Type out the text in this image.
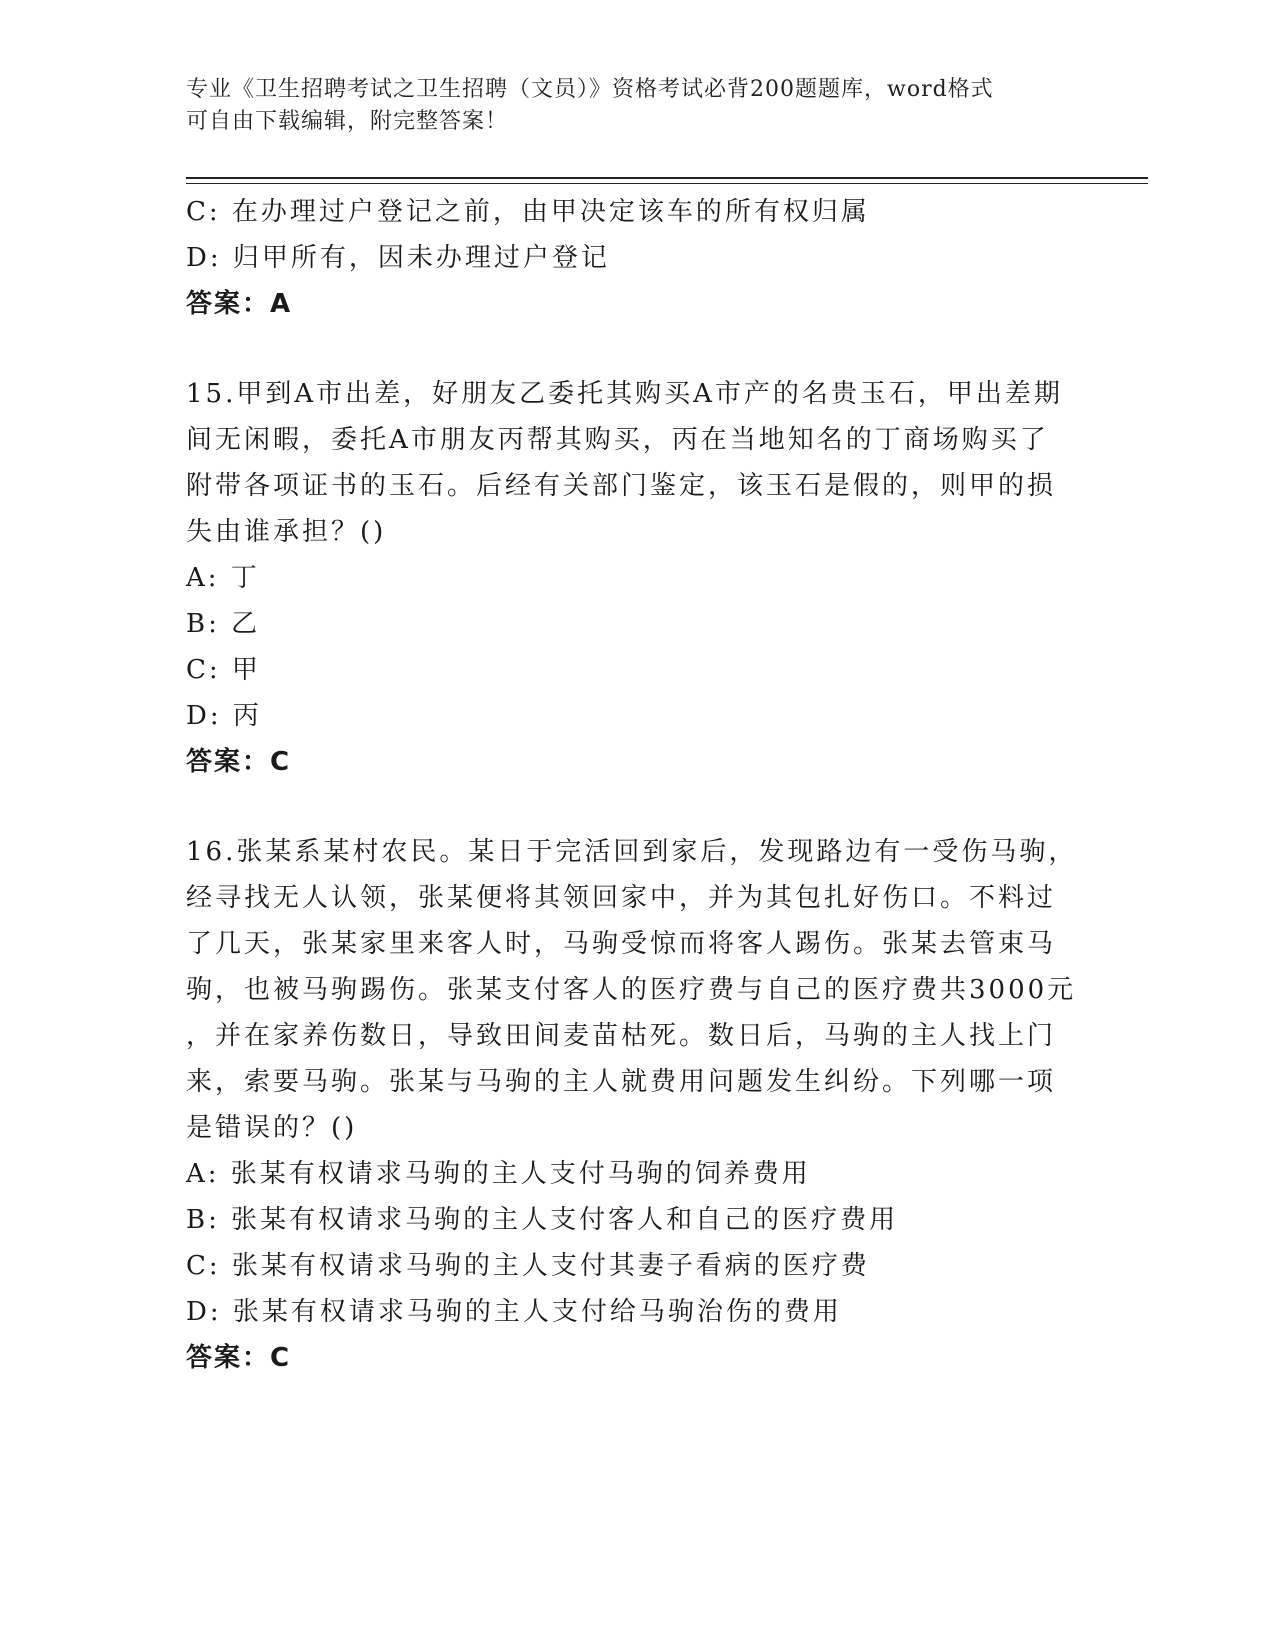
专业《卫生招聘考试之卫生招聘（文员）》资格考试必背200题题库，word格式
可自由下载编辑，附完整答案！
C: 在办理过户登记之前，由甲决定该车的所有权归属
D: 归甲所有，因未办理过户登记
答案：A
15.甲到A市出差，好朋友乙委托其购买A市产的名贵玉石，甲出差期
间无闲暇，委托A市朋友丙帮其购买，丙在当地知名的丁商场购买了
附带各项证书的玉石。后经有关部门鉴定，该玉石是假的，则甲的损
失由谁承担？()
A: 丁
B: 乙
C: 甲
D: 丙
答案：C
16.张某系某村农民。某日于完活回到家后，发现路边有一受伤马驹，
经寻找无人认领，张某便将其领回家中，并为其包扎好伤口。不料过
了几天，张某家里来客人时，马驹受惊而将客人踢伤。张某去管束马
驹，也被马驹踢伤。张某支付客人的医疗费与自己的医疗费共3000元
，并在家养伤数日，导致田间麦苗枯死。数日后，马驹的主人找上门
来，索要马驹。张某与马驹的主人就费用问题发生纠纷。下列哪一项
是错误的？()
A: 张某有权请求马驹的主人支付马驹的饲养费用
B: 张某有权请求马驹的主人支付客人和自己的医疗费用
C: 张某有权请求马驹的主人支付其妻子看病的医疗费
D: 张某有权请求马驹的主人支付给马驹治伤的费用
答案：C
